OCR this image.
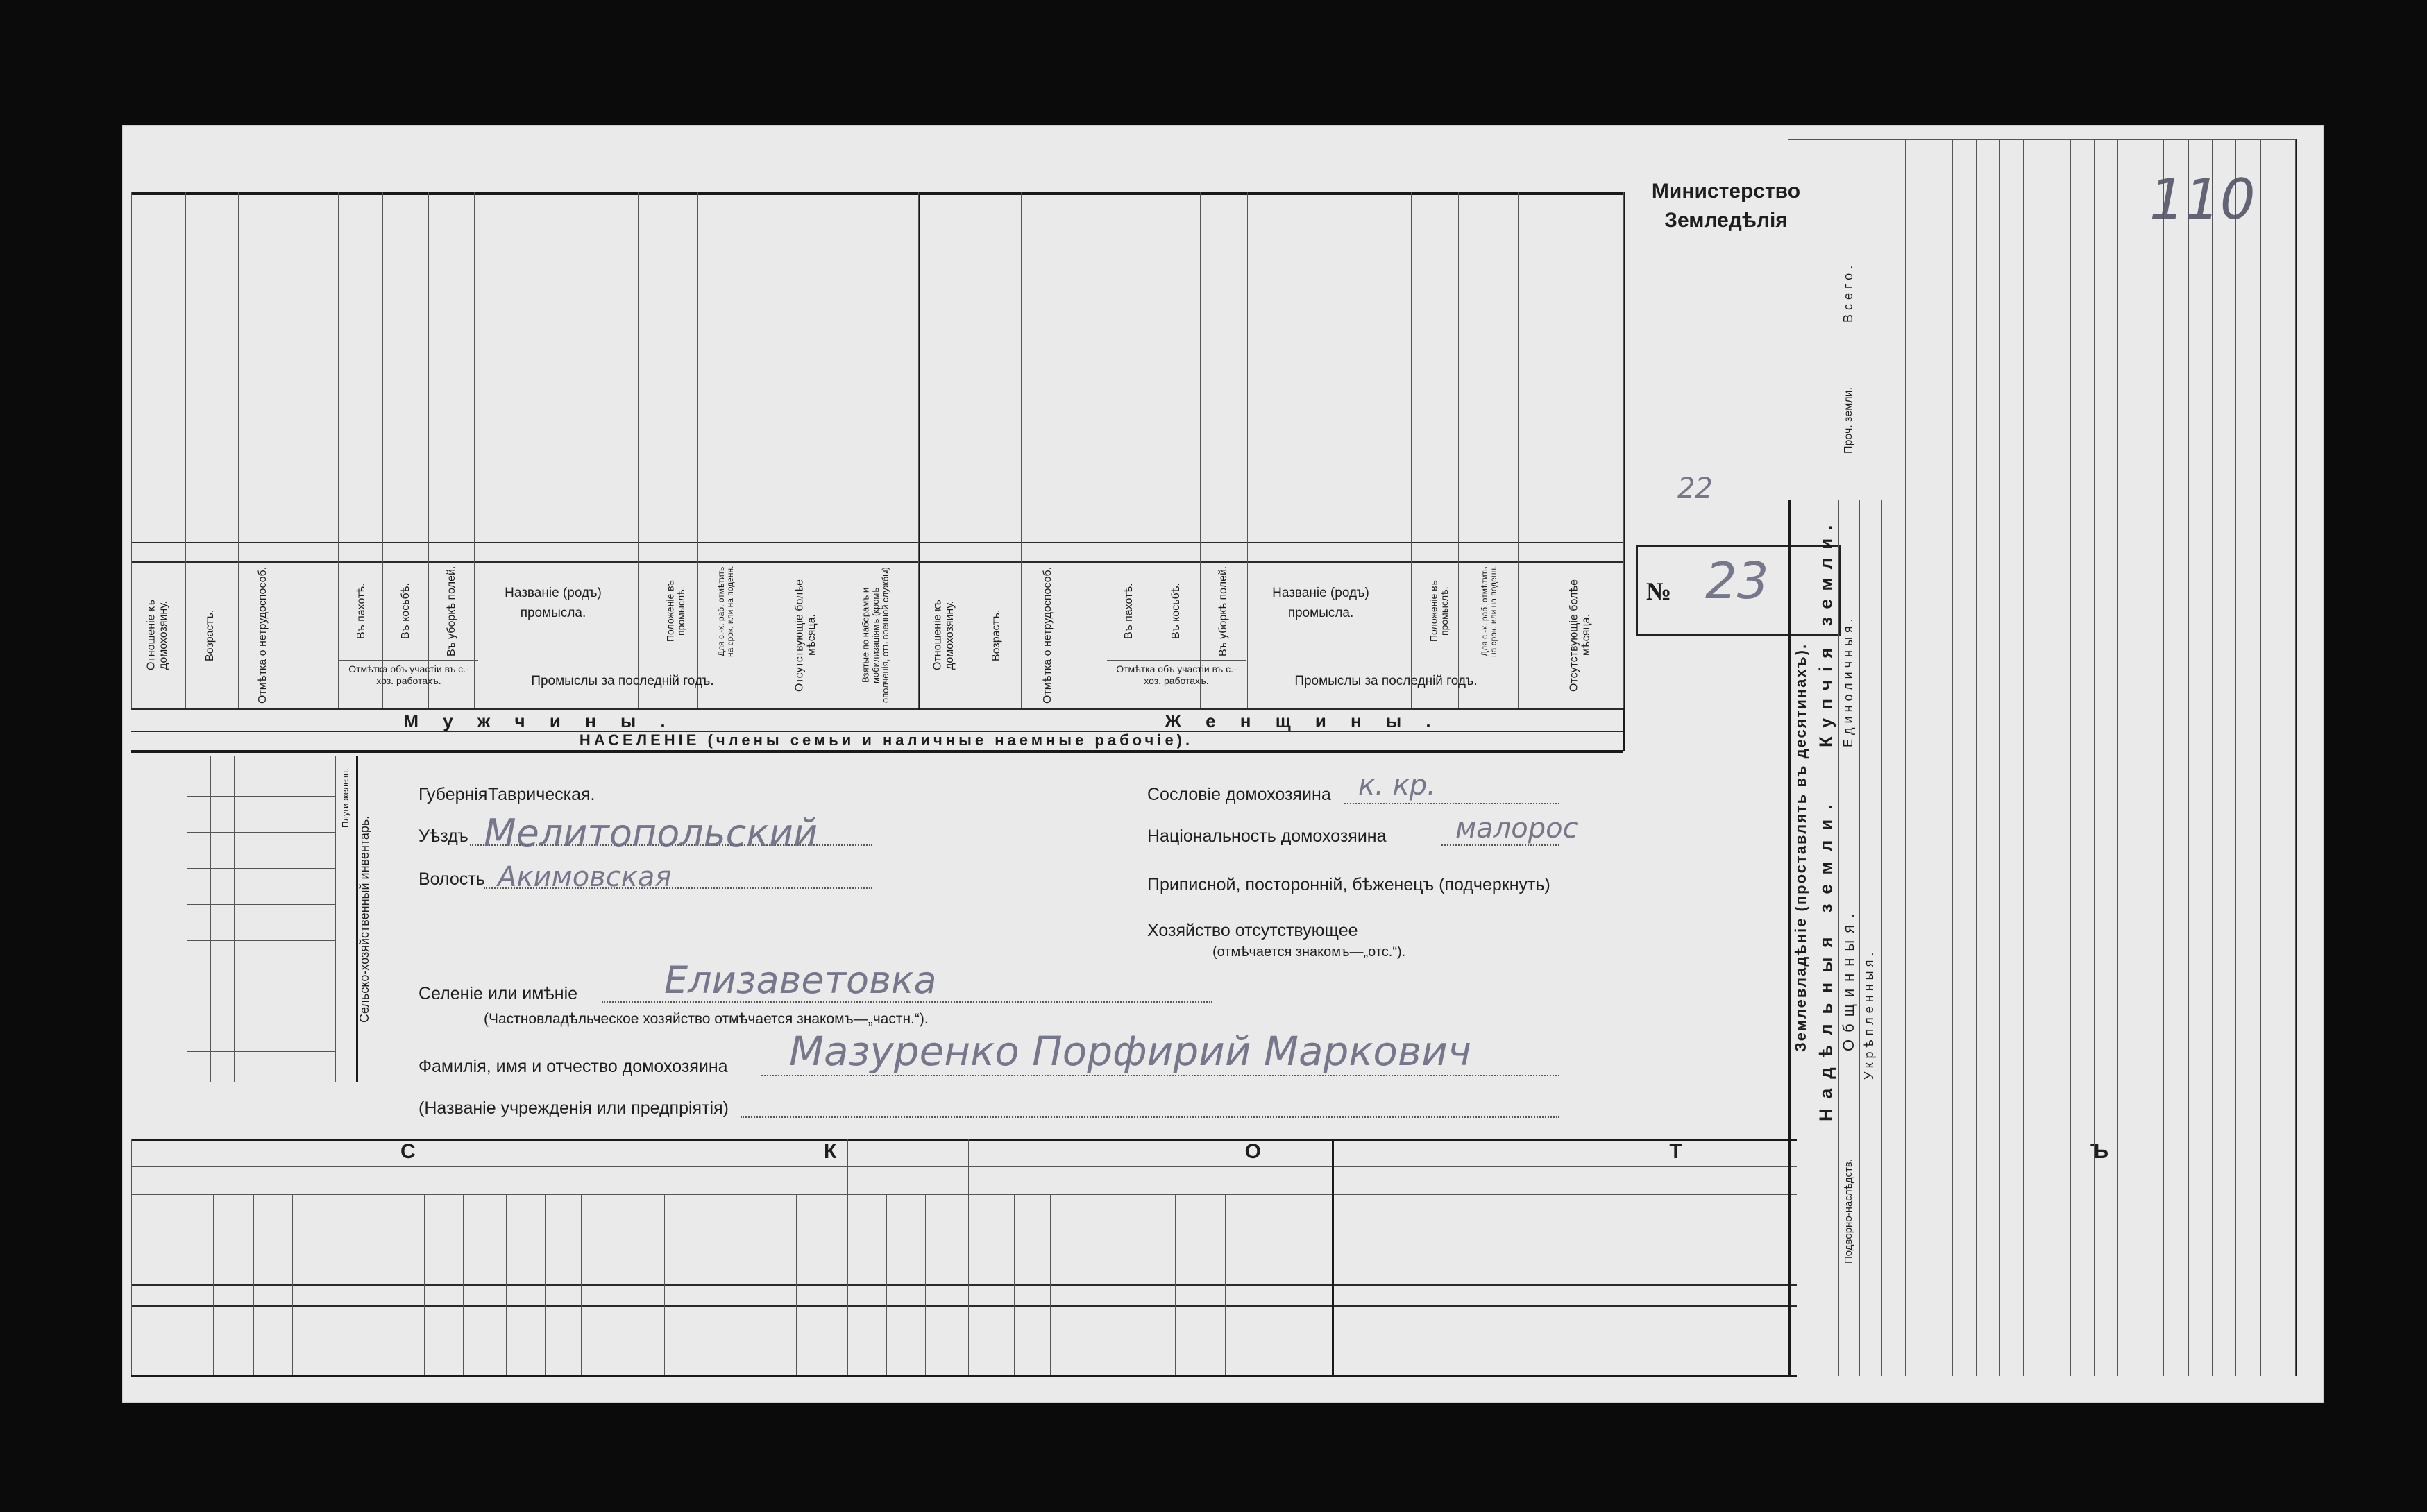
Отношеніе къ домохозяину.	Возрастъ.	Отмѣтка о нетрудоспособ.	Въ пахотѣ.	Въ косьбѣ.	Въ уборкѣ полей.
Отмѣтка объ участіи въ с.-хоз. работахъ.
Названіе (родъ) промысла.	Положеніе въ промыслѣ.	Для с.-х. раб. отмѣтить на срок. или на поденн.
Промыслы за последній годъ.	Отсутствующіе болѣе мѣсяца.	Взятые по наборамъ и мобилизаціямъ (кромѣ ополченія, отъ военной службы)	Отношеніе къ домохозяину.	Возрастъ.	Отмѣтка о нетрудоспособ.	Въ пахотѣ.	Въ косьбѣ.	Въ уборкѣ полей.
Отмѣтка объ участіи въ с.-хоз. работахъ.
Названіе (родъ) промысла.	Положеніе въ промыслѣ.	Для с.-х. раб. отмѣтить на срок. или на поденн.
Промыслы за последній годъ.	Отсутствующіе болѣе мѣсяца.
М у ж ч и н ы .	Ж е н щ и н ы .
НАСЕЛЕНІЕ (члены семьи и наличные наемные рабочіе).
Министерство
Земледѣлія
22
№ 23
Плуги железн.
Сельско-хозяйственный инвентарь.
Губернія Таврическая.
Уѣздъ Мелитопольский
Волость Акимовская
Селеніе или имѣніе Елизаветовка
(Частновладѣльческое хозяйство отмѣчается знакомъ—„частн.“).
Фамилія, имя и отчество домохозяина Мазуренко Порфирий Маркович
(Названіе учрежденія или предпріятія)
Сословіе домохозяина к. кр.
Національность домохозяина малорос
Приписной, посторонній, бѣженецъ (подчеркнуть)
Хозяйство отсутствующее
(отмѣчается знакомъ—„отс.“).
С К О Т Ъ
Землевладѣніе (проставлять въ десятинахъ). Надѣльныя земли.
Купчія земли.
Общинныя.
Единоличныя.
Укрѣпленныя.
Подворно-наслѣдств.
Проч. земли.
Всего.
110
